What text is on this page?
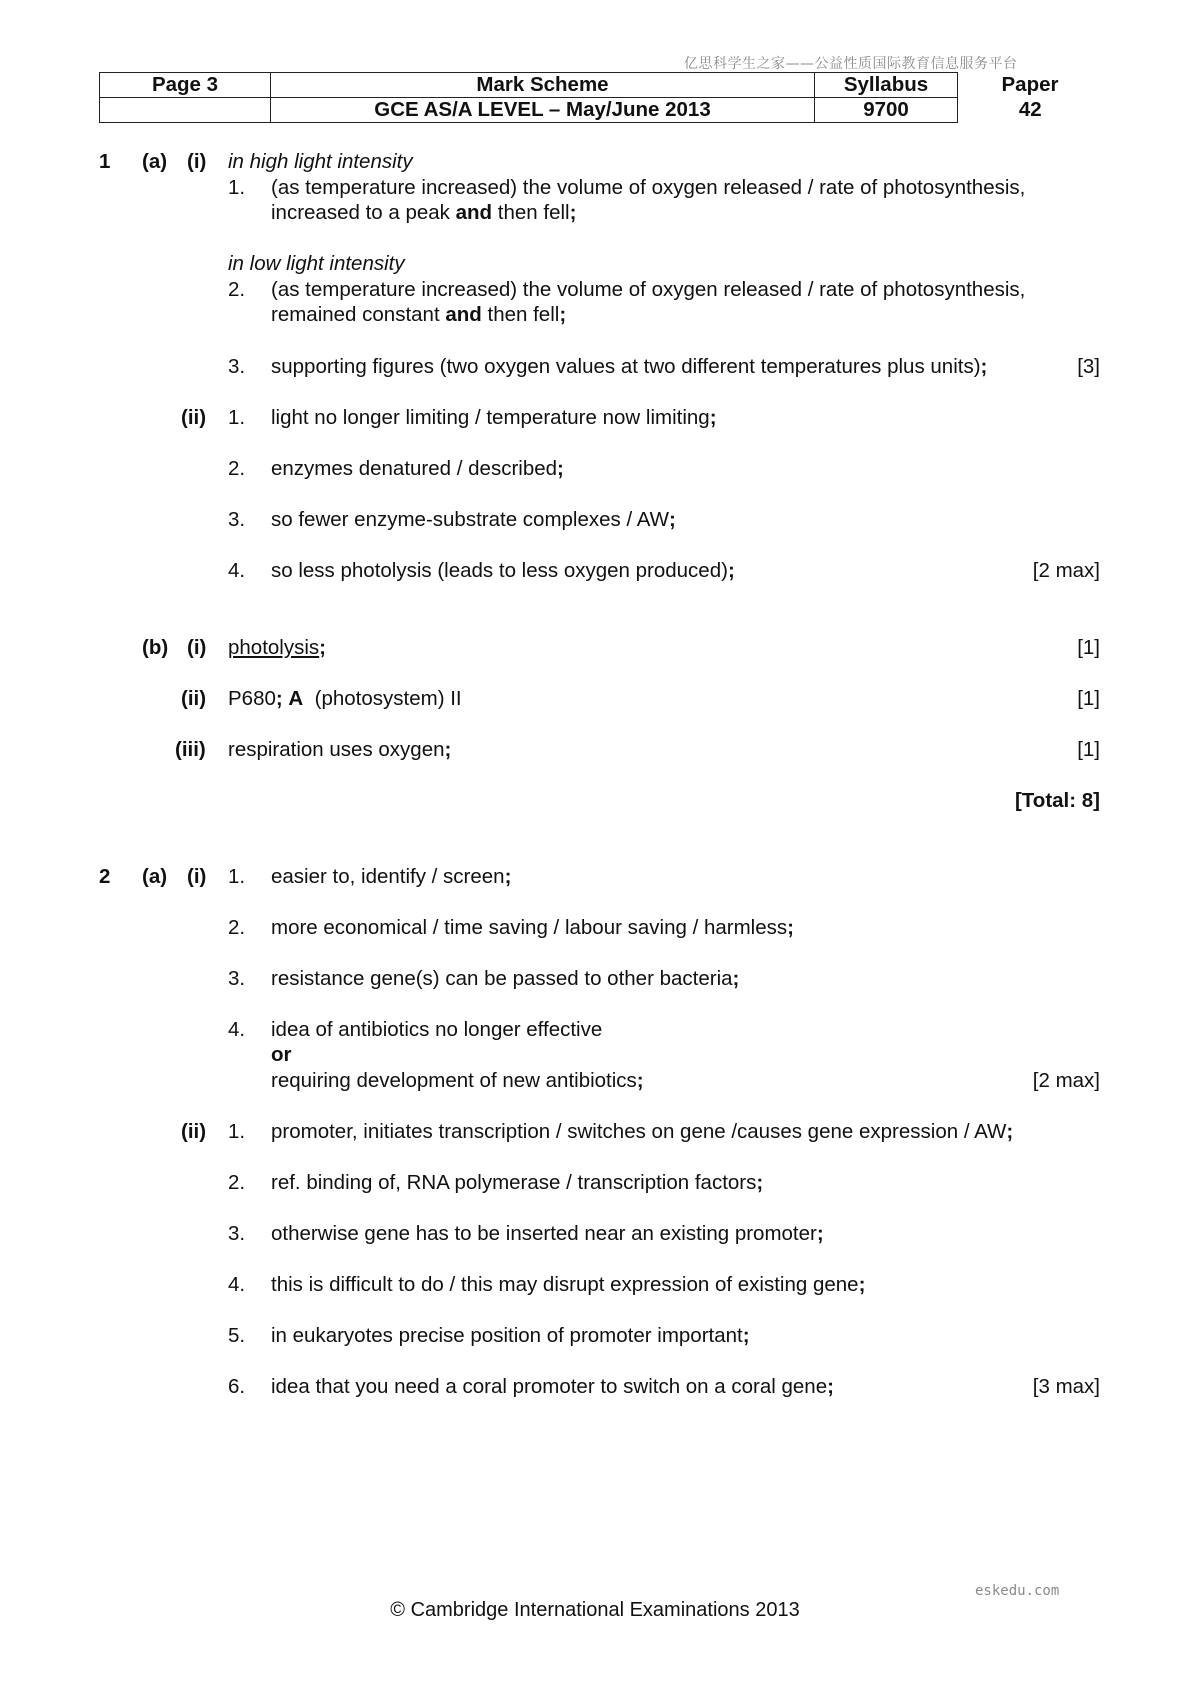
亿思科学生之家——公益性质国际教育信息服务平台
Page 3	Mark Scheme	Syllabus	Paper
	GCE AS/A LEVEL – May/June 2013	9700	42
1 (a) (i) in high light intensity
1. (as temperature increased) the volume of oxygen released / rate of photosynthesis,
increased to a peak and then fell;
in low light intensity
2. (as temperature increased) the volume of oxygen released / rate of photosynthesis,
remained constant and then fell;
3. supporting figures (two oxygen values at two different temperatures plus units);	[3]
(ii) 1. light no longer limiting / temperature now limiting;
2. enzymes denatured / described;
3. so fewer enzyme-substrate complexes / AW;
4. so less photolysis (leads to less oxygen produced);	[2 max]
(b) (i) photolysis;	[1]
(ii) P680; A (photosystem) II	[1]
(iii) respiration uses oxygen;	[1]
[Total: 8]
2 (a) (i) 1. easier to, identify / screen;
2. more economical / time saving / labour saving / harmless;
3. resistance gene(s) can be passed to other bacteria;
4. idea of antibiotics no longer effective
or
requiring development of new antibiotics;	[2 max]
(ii) 1. promoter, initiates transcription / switches on gene /causes gene expression / AW;
2. ref. binding of, RNA polymerase / transcription factors;
3. otherwise gene has to be inserted near an existing promoter;
4. this is difficult to do / this may disrupt expression of existing gene;
5. in eukaryotes precise position of promoter important;
6. idea that you need a coral promoter to switch on a coral gene;	[3 max]
eskedu.com
© Cambridge International Examinations 2013
